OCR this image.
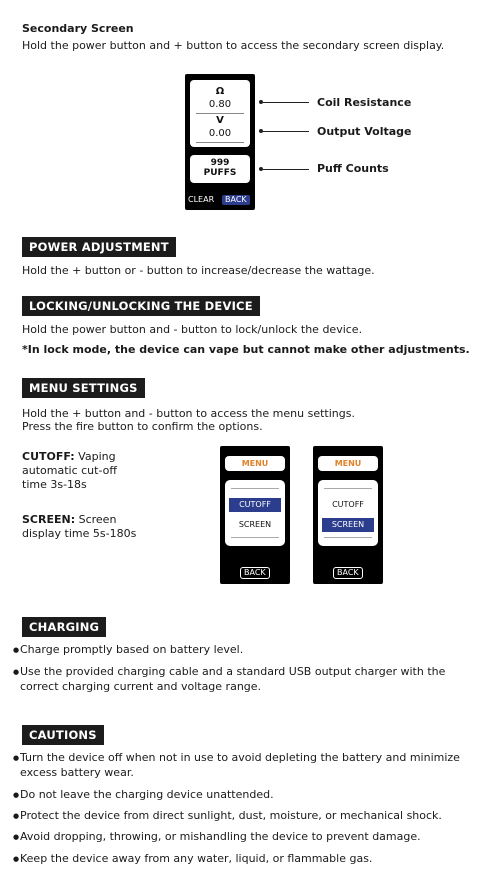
Secondary Screen
Hold the power button and + button to access the secondary screen display.
Ω
0.80
V
0.00
999
PUFFS
CLEAR	BACK
Coil Resistance
Output Voltage
Puff Counts
POWER ADJUSTMENT
Hold the + button or - button to increase/decrease the wattage.
LOCKING/UNLOCKING THE DEVICE
Hold the power button and - button to lock/unlock the device.
*In lock mode, the device can vape but cannot make other adjustments.
MENU SETTINGS
Hold the + button and - button to access the menu settings.
Press the fire button to confirm the options.
CUTOFF: Vaping
automatic cut-off
time 3s-18s
SCREEN: Screen
display time 5s-180s
MENU
CUTOFF
SCREEN
BACK
MENU
CUTOFF
SCREEN
BACK
CHARGING
● Charge promptly based on battery level.
● Use the provided charging cable and a standard USB output charger with the
correct charging current and voltage range.
CAUTIONS
● Turn the device off when not in use to avoid depleting the battery and minimize
excess battery wear.
● Do not leave the charging device unattended.
● Protect the device from direct sunlight, dust, moisture, or mechanical shock.
● Avoid dropping, throwing, or mishandling the device to prevent damage.
● Keep the device away from any water, liquid, or flammable gas.
